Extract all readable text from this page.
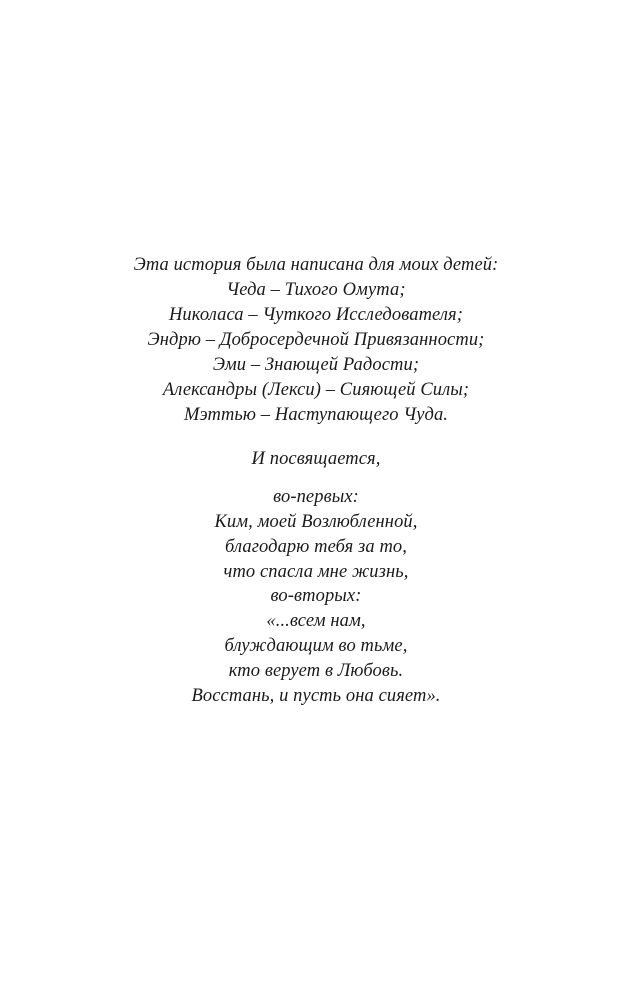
Эта история была написана для моих детей:
Чеда – Тихого Омута;
Николаса – Чуткого Исследователя;
Эндрю – Добросердечной Привязанности;
Эми – Знающей Радости;
Александры (Лекси) – Сияющей Силы;
Мэттью – Наступающего Чуда.
И посвящается,
во-первых:
Ким, моей Возлюбленной,
благодарю тебя за то,
что спасла мне жизнь,
во-вторых:
«...всем нам,
блуждающим во тьме,
кто верует в Любовь.
Восстань, и пусть она сияет».
